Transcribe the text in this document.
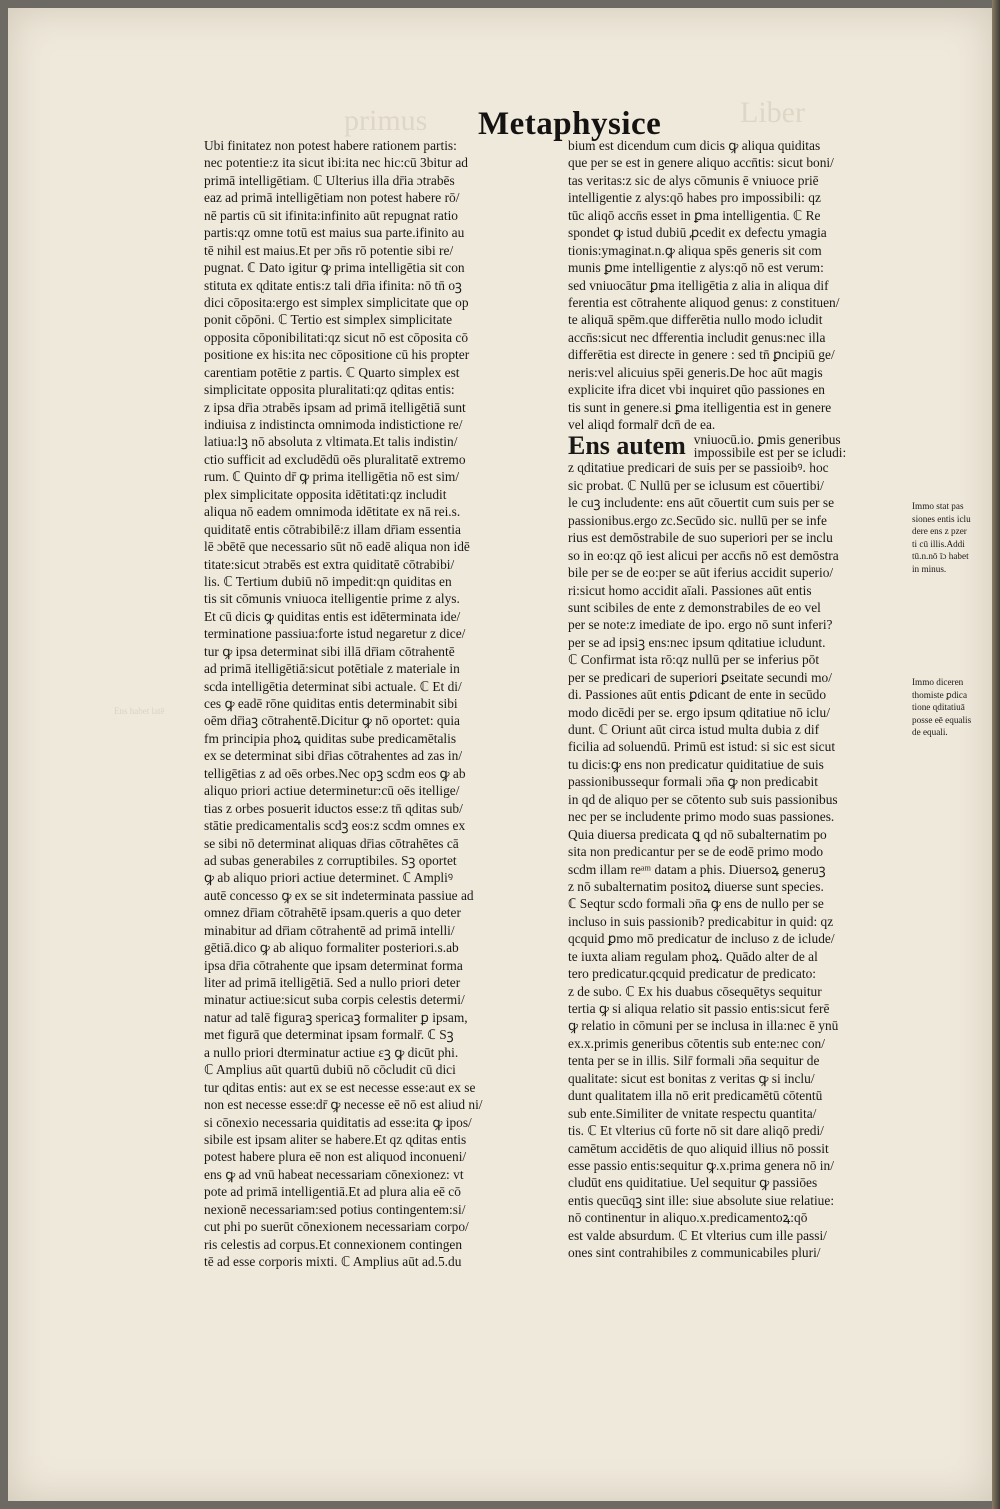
primus	Liber
Ens habet latē
Metaphysice
Ubi finitatez non potest habere rationem partis:
nec potentie:z ita sicut ibi:ita nec hic:cū 3bitur ad
primā intelligētiam. ℂ Ulterius illa dr̄ia ɔtrabēs
eaz ad primā intelligētiam non potest habere rō/
nē partis cū sit ifinita:infinito aūt repugnat ratio
partis:qz omne totū est maius sua parte.ifinito au
tē nihil est maius.Et per ɔn̄s rō potentie sibi re/
pugnat. ℂ Dato igitur ꝙ prima intelligētia sit con
stituta ex ɋditate entis:z tali dr̄ia ifinita: nō tn̄ oꝫ
dici cōposita:ergo est simplex simplicitate que op
ponit cōpōni. ℂ Tertio est simplex simplicitate
opposita cōponibilitati:qz sicut nō est cōposita cō
positione ex his:ita nec cōpositione cū his propter
carentiam potētie z partis. ℂ Quarto simplex est
simplicitate opposita pluralitati:qz ɋditas entis:
z ipsa dr̄ia ɔtrabēs ipsam ad primā itelligētiā sunt
indiuisa z indistincta omnimoda indistictione re/
latiua:lꝫ nō absoluta z vltimata.Et talis indistin/
ctio sufficit ad excludēdū oēs pluralitatē extremo
rum. ℂ Quinto dr̄ ꝙ prima itelligētia nō est sim/
plex simplicitate opposita idētitati:qz includit
aliqua nō eadem omnimoda idētitate ex nā rei.s.
quiditatē entis cōtrabibilē:z illam dr̄iam essentia
lē ɔbētē que necessario sūt nō eadē aliqua non idē
titate:sicut ɔtrabēs est extra quiditatē cōtrabibi/
lis. ℂ Tertium dubiū nō impedit:qn quiditas en
tis sit cōmunis vniuoca itelligentie prime z alys.
Et cū dicis ꝙ quiditas entis est idēterminata ide/
terminatione passiua:forte istud negaretur z dice/
tur ꝙ ipsa determinat sibi illā dr̄iam cōtrahentē
ad primā itelligētiā:sicut potētiale z materiale in
scda intelligētia determinat sibi actuale. ℂ Et di/
ces ꝙ eadē rōne quiditas entis determinabit sibi
oēm dr̄iaꝫ cōtrahentē.Dicitur ꝙ nō oportet: quia
fm principia phoꝝ quiditas sube predicamētalis
ex se determinat sibi dr̄ias cōtrahentes ad zas in/
telligētias z ad oēs orbes.Nec opꝫ scdm eos ꝙ ab
aliquo priori actiue determinetur:cū oēs itellige/
tias z orbes posuerit iductos esse:z tn̄ ɋditas sub/
stātie predicamentalis scdꝫ eos:z scdm omnes ex
se sibi nō determinat aliquas dr̄ias cōtrahētes cā
ad subas generabiles z corruptibiles. Sꝫ oportet
ꝙ ab aliquo priori actiue determinet. ℂ Ampliꝰ
autē concesso ꝙ ex se sit indeterminata passiue ad
omnez dr̄iam cōtrahētē ipsam.queris a quo deter
minabitur ad dr̄iam cōtrahentē ad primā intelli/
gētiā.dico ꝙ ab aliquo formaliter posteriori.s.ab
ipsa dr̄ia cōtrahente que ipsam determinat forma
liter ad primā itelligētiā. Sed a nullo priori deter
minatur actiue:sicut suba corpis celestis determi/
natur ad talē figuraꝫ spericaꝫ formaliter ꝑ ipsam,
met figurā que determinat ipsam formalr̄. ℂ Sꝫ
a nullo priori dterminatur actiue ɛꝫ ꝙ dicūt phi.
ℂ Amplius aūt quartū dubiū nō cōcludit cū dici
tur ɋditas entis: aut ex se est necesse esse:aut ex se
non est necesse esse:dr̄ ꝙ necesse eē nō est aliud ni/
si cōnexio necessaria quiditatis ad esse:ita ꝙ ipos/
sibile est ipsam aliter se habere.Et qz ɋditas entis
potest habere plura eē non est aliquod inconueni/
ens ꝙ ad vnū habeat necessariam cōnexionez: vt
pote ad primā intelligentiā.Et ad plura alia eē cō
nexionē necessariam:sed potius contingentem:si/
cut phi po suerūt cōnexionem necessariam corpo/
ris celestis ad corpus.Et connexionem contingen
tē ad esse corporis mixti. ℂ Amplius aūt ad.5.du
bium est dicendum cum dicis ꝙ aliqua quiditas
que per se est in genere aliquo accn̄tis: sicut boni/
tas veritas:z sic de alys cōmunis ē vniuoce priē
intelligentie z alys:qō habes pro impossibili: qz
tūc aliqō accn̄s esset in ꝑma intelligentia. ℂ Re
spondet ꝙ istud dubiū ꝓcedit ex defectu ymagia
tionis:ymaginat.n.ꝙ aliqua spēs generis sit com
munis ꝑme intelligentie z alys:qō nō est verum:
sed vniuocātur ꝑma itelligētia z alia in aliqua dif
ferentia est cōtrahente aliquod genus: z constituen/
te aliquā spēm.que differētia nullo modo icludit
accn̄s:sicut nec dfferentia includit genus:nec illa
differētia est directe in genere : sed tn̄ ꝑncipiū ge/
neris:vel alicuius spēi generis.De hoc aūt magis
explicite ifra dicet vbi inquiret qūo passiones en
tis sunt in genere.si ꝑma itelligentia est in genere
vel aliqd formalr̄ dcn̄ de ea.
Ens autem vniuocū.io. ꝑmis generibus
impossibile est per se icludi:
z ɋditatiue predicari de suis per se passioibꝰ. hoc
sic probat. ℂ Nullū per se iclusum est cōuertibi/
le cuꝫ includente: ens aūt cōuertit cum suis per se
passionibus.ergo zc.Secūdo sic. nullū per se infe
rius est demōstrabile de suo superiori per se inclu
so in eo:qz qō iest alicui per accn̄s nō est demōstra
bile per se de eo:per se aūt iferius accidit superio/
ri:sicut homo accidit aīali. Passiones aūt entis
sunt scibiles de ente z demonstrabiles de eo vel
per se note:z imediate de ipo. ergo nō sunt inferi?
per se ad ipsiꝫ ens:nec ipsum ɋditatiue icludunt.
ℂ Confirmat ista rō:qz nullū per se inferius pōt
per se predicari de superiori ꝑseitate secundi mo/
di. Passiones aūt entis ꝑdicant de ente in secūdo
modo dicēdi per se. ergo ipsum ɋditatiue nō iclu/
dunt. ℂ Oriunt aūt circa istud multa dubia z dif
ficilia ad soluendū. Primū est istud: si sic est sicut
tu dicis:ꝙ ens non predicatur quiditatiue de suis
passionibussequr formali ɔn̄a ꝙ non predicabit
in qd de aliquo per se cōtento sub suis passionibus
nec per se includente primo modo suas passiones.
Quia diuersa predicata ꝗ qd nō subalternatim po
sita non predicantur per se de eodē primo modo
scdm illam reᵃᵐ datam a phis. Diuersoꝝ generuꝫ
z nō subalternatim positoꝝ diuerse sunt species.
ℂ Seqtur scdo formali ɔn̄a ꝙ ens de nullo per se
incluso in suis passionib? predicabitur in quid: qz
qcquid ꝑmo mō predicatur de incluso z de iclude/
te iuxta aliam regulam phoꝝ. Quādo alter de al
tero predicatur.qcquid predicatur de predicato:
z de subo. ℂ Ex his duabus cōsequētys sequitur
tertia ꝙ si aliqua relatio sit passio entis:sicut ferē
ꝙ relatio in cōmuni per se inclusa in illa:nec ē ynū
ex.x.primis generibus cōtentis sub ente:nec con/
tenta per se in illis. Silr̄ formali ɔn̄a sequitur de
qualitate: sicut est bonitas z veritas ꝙ si inclu/
dunt qualitatem illa nō erit predicamētū cōtentū
sub ente.Similiter de vnitate respectu quantita/
tis. ℂ Et vlterius cū forte nō sit dare aliqō predi/
camētum accidētis de quo aliquid illius nō possit
esse passio entis:sequitur ꝙ.x.prima genera nō in/
cludūt ens quiditatiue. Uel sequitur ꝙ passiōes
entis quecūqꝫ sint ille: siue absolute siue relatiue:
nō continentur in aliquo.x.predicamentoꝝ:qō
est valde absurdum. ℂ Et vlterius cum ille passi/
ones sint contrahibiles z communicabiles pluri/
Immo stat pas
siones entis iclu
dere ens z pzer
ti cū illis.Addi
tū.n.nō īɔ habet
in minus.
Immo diceren
thomiste ꝑdica
tione ɋditatiuā
posse eē equalis
de equali.
